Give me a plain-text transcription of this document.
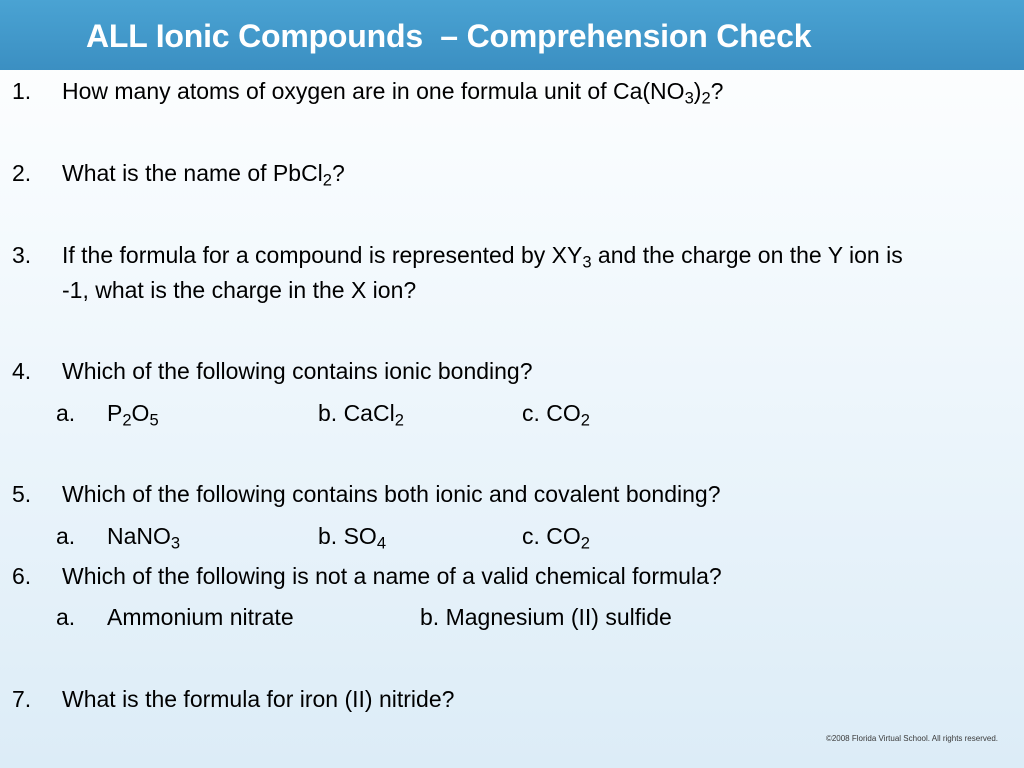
ALL Ionic Compounds  – Comprehension Check
1. How many atoms of oxygen are in one formula unit of $Ca(NO_3)_2$?
2. What is the name of PbCl$_2$?
3. If the formula for a compound is represented by $XY_3$ and the charge on the Y ion is
-1, what is the charge in the X ion?
4. Which of the following contains ionic bonding?
a. $P_2O_5$	b. CaCl$_2$	c. $CO_2$
5. Which of the following contains both ionic and covalent bonding?
a. NaNO$_3$	b. $SO_4$	c. $CO_2$
6. Which of the following is not a name of a valid chemical formula?
a. Ammonium nitrate	b. Magnesium (II) sulfide
7. What is the formula for iron (II) nitride?
©2008 Florida Virtual School. All rights reserved.
